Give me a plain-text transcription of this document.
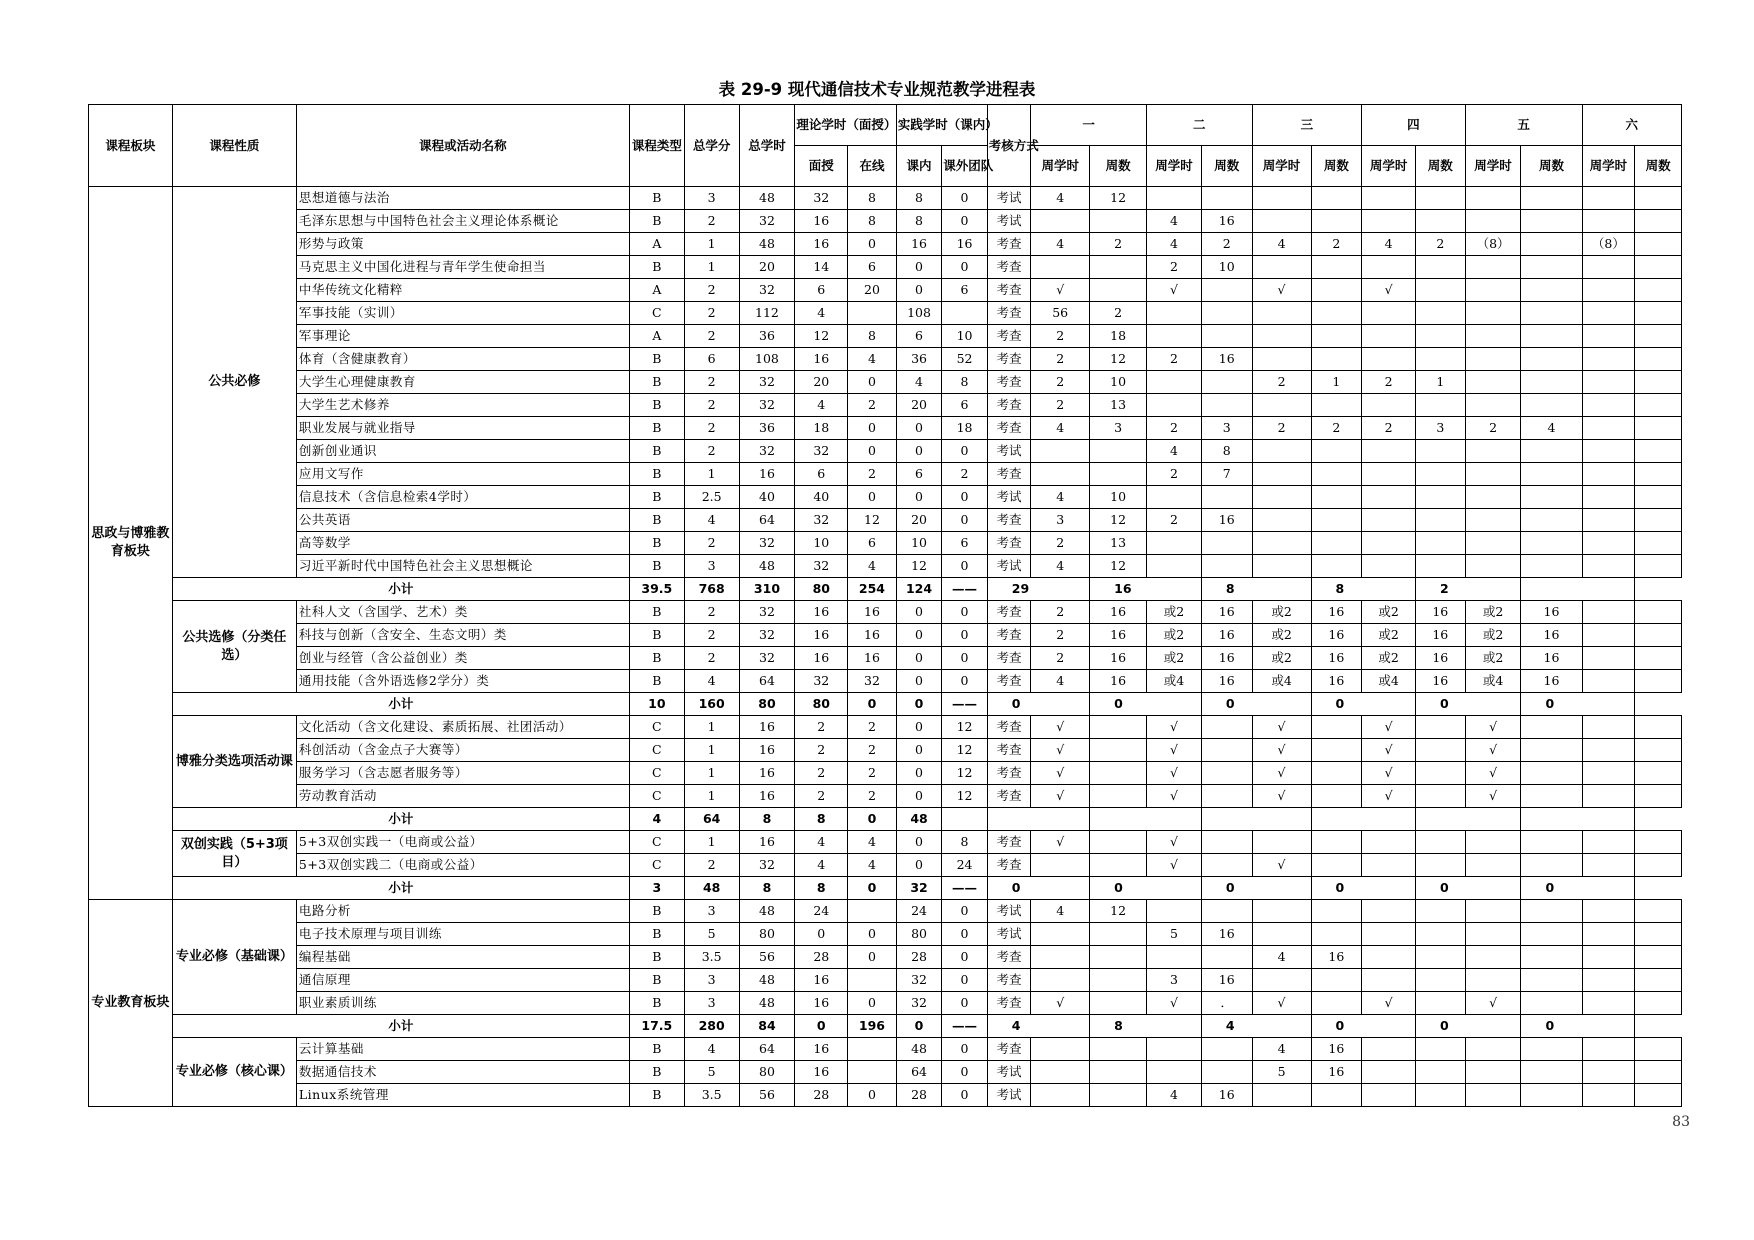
表 29-9 现代通信技术专业规范教学进程表
课程板块	课程性质	课程或活动名称	课程类型	总学分	总学时	理论学时（面授）		实践学时（课内）		考核方式	一		二		三		四		五		六	
						面授	在线	课内	课外团队		周学时	周数	周学时	周数	周学时	周数	周学时	周数	周学时	周数	周学时	周数
思政与博雅教育板块	公共必修	思想道德与法治	B	3	48	32	8	8	0	考试	4	12										
		毛泽东思想与中国特色社会主义理论体系概论	B	2	32	16	8	8	0	考试			4	16								
		形势与政策	A	1	48	16	0	16	16	考查	4	2	4	2	4	2	4	2	（8）		（8）	
		马克思主义中国化进程与青年学生使命担当	B	1	20	14	6	0	0	考查			2	10								
		中华传统文化精粹	A	2	32	6	20	0	6	考查	√		√		√		√					
		军事技能（实训）	C	2	112	4		108		考查	56	2										
		军事理论	A	2	36	12	8	6	10	考查	2	18										
		体育（含健康教育）	B	6	108	16	4	36	52	考查	2	12	2	16								
		大学生心理健康教育	B	2	32	20	0	4	8	考查	2	10			2	1	2	1				
		大学生艺术修养	B	2	32	4	2	20	6	考查	2	13										
		职业发展与就业指导	B	2	36	18	0	0	18	考查	4	3	2	3	2	2	2	3	2	4		
		创新创业通识	B	2	32	32	0	0	0	考试			4	8								
		应用文写作	B	1	16	6	2	6	2	考查			2	7								
		信息技术（含信息检索4学时）	B	2.5	40	40	0	0	0	考试	4	10										
		公共英语	B	4	64	32	12	20	0	考查	3	12	2	16								
		高等数学	B	2	32	10	6	10	6	考查	2	13										
		习近平新时代中国特色社会主义思想概论	B	3	48	32	4	12	0	考试	4	12										
	小计		39.5	768	310	80	254	124	——	29		16		8		8		2				
	公共选修（分类任选）	社科人文（含国学、艺术）类	B	2	32	16	16	0	0	考查	2	16	或2	16	或2	16	或2	16	或2	16		
		科技与创新（含安全、生态文明）类	B	2	32	16	16	0	0	考查	2	16	或2	16	或2	16	或2	16	或2	16		
		创业与经管（含公益创业）类	B	2	32	16	16	0	0	考查	2	16	或2	16	或2	16	或2	16	或2	16		
		通用技能（含外语选修2学分）类	B	4	64	32	32	0	0	考查	4	16	或4	16	或4	16	或4	16	或4	16		
	小计		10	160	80	80	0	0	——	0		0		0		0		0		0		
	博雅分类选项活动课	文化活动（含文化建设、素质拓展、社团活动）	C	1	16	2	2	0	12	考查	√		√		√		√		√			
		科创活动（含金点子大赛等）	C	1	16	2	2	0	12	考查	√		√		√		√		√			
		服务学习（含志愿者服务等）	C	1	16	2	2	0	12	考查	√		√		√		√		√			
		劳动教育活动	C	1	16	2	2	0	12	考查	√		√		√		√		√			
	小计		4	64	8	8	0	48														
	双创实践（5+3项目）	5+3双创实践一（电商或公益）	C	1	16	4	4	0	8	考查	√		√									
		5+3双创实践二（电商或公益）	C	2	32	4	4	0	24	考查			√		√							
	小计		3	48	8	8	0	32	——	0		0		0		0		0		0		
专业教育板块	专业必修（基础课）	电路分析	B	3	48	24		24	0	考试	4	12										
		电子技术原理与项目训练	B	5	80	0	0	80	0	考试			5	16								
		编程基础	B	3.5	56	28	0	28	0	考查					4	16						
		通信原理	B	3	48	16		32	0	考查			3	16								
		职业素质训练	B	3	48	16	0	32	0	考查	√		√	．	√		√		√			
	小计		17.5	280	84	0	196	0	——	4		8		4		0		0		0		
	专业必修（核心课）	云计算基础	B	4	64	16		48	0	考查					4	16						
		数据通信技术	B	5	80	16		64	0	考试					5	16						
		Linux系统管理	B	3.5	56	28	0	28	0	考试			4	16								
83
